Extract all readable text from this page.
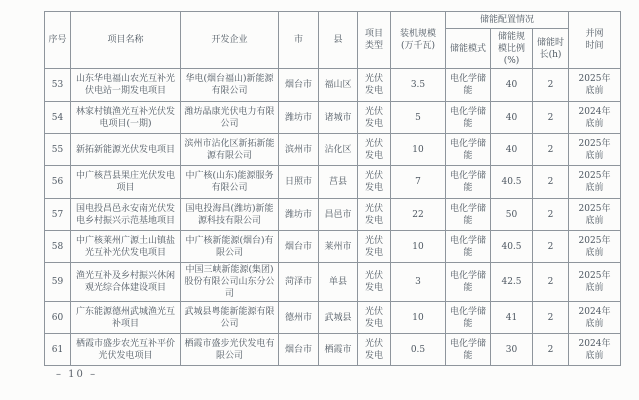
序号	项目名称	开发企业	市	县	项目类型	装机规模(万千瓦)	储能配置情况			并网时间
							储能模式	储能规模比例(%)	储能时长(h)	
53	山东华电福山农光互补光伏电站一期发电项目	华电(烟台福山)新能源有限公司	烟台市	福山区	光伏发电	3.5	电化学储能	40	2	2025年底前
54	林家村镇渔光互补光伏发电项目(一期)	潍坊晶康光伏电力有限公司	潍坊市	诸城市	光伏发电	5	电化学储能	40	2	2024年底前
55	新拓新能源光伏发电项目	滨州市沾化区新拓新能源有限公司	滨州市	沾化区	光伏发电	10	电化学储能	40	2	2025年底前
56	中广核莒县果庄光伏发电项目	中广核(山东)能源服务有限公司	日照市	莒县	光伏发电	7	电化学储能	40.5	2	2025年底前
57	国电投昌邑永安南光伏发电乡村振兴示范基地项目	国电投海昌(潍坊)新能源科技有限公司	潍坊市	昌邑市	光伏发电	22	电化学储能	50	2	2025年底前
58	中广核莱州广源土山镇盐光互补光伏发电项目	中广核新能源(烟台)有限公司	烟台市	莱州市	光伏发电	10	电化学储能	40.5	2	2025年底前
59	渔光互补及乡村振兴休闲观光综合体建设项目	中国三峡新能源(集团)股份有限公司山东分公司	菏泽市	单县	光伏发电	3	电化学储能	42.5	2	2025年底前
60	广东能源德州武城渔光互补项目	武城县粤能新能源有限公司	德州市	武城县	光伏发电	10	电化学储能	41	2	2024年底前
61	栖霞市盛步农光互补平价光伏发电项目	栖霞市盛步光伏发电有限公司	烟台市	栖霞市	光伏发电	0.5	电化学储能	30	2	2024年底前
– 10 –
